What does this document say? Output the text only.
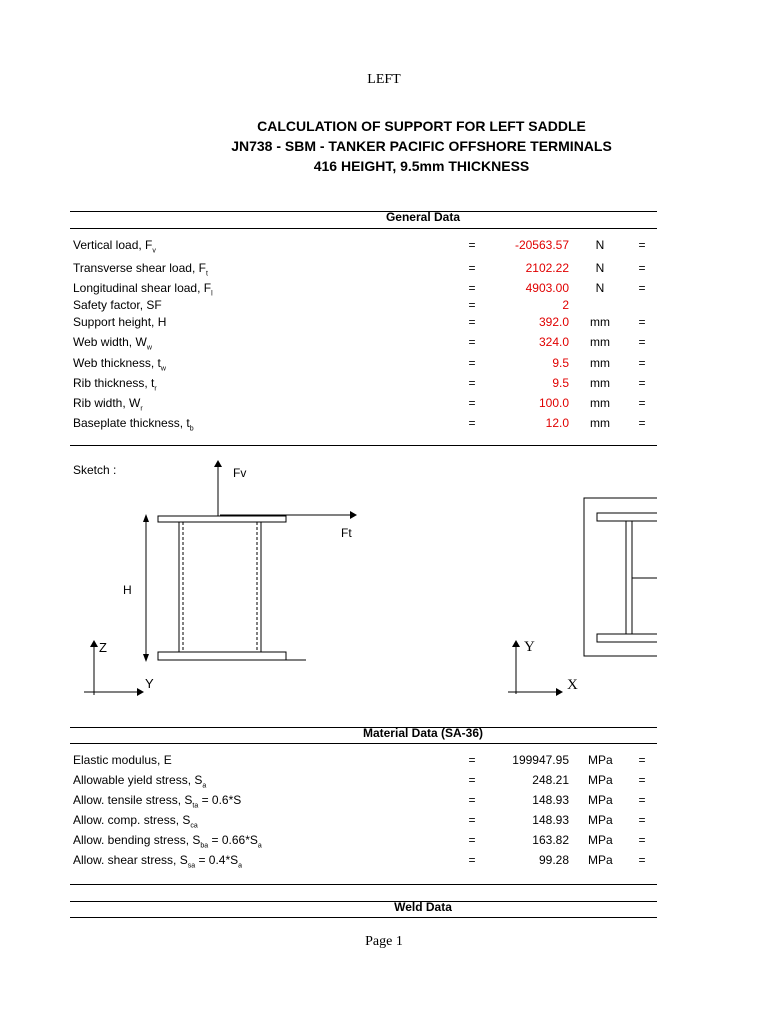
LEFT
CALCULATION OF SUPPORT FOR LEFT SADDLE
JN738 - SBM - TANKER PACIFIC OFFSHORE TERMINALS
416 HEIGHT, 9.5mm THICKNESS
General Data
Vertical load, $F_v$	=	-20563.57	N	=
Transverse shear load, $F_t$	=	2102.22	N	=
Longitudinal shear load, $F_l$	=	4903.00	N	=
Safety factor, SF	=	2
Support height, H	=	392.0 mm =
Web width, $W_w$	=	324.0 mm =
Web thickness, $t_w$	=	9.5 mm =
Rib thickness, $t_r$	=	9.5 mm =
Rib width, $W_r$	=	100.0 mm =
Baseplate thickness, $t_b$	=	12.0 mm =
Sketch :	Fv
Ft
H
Z
Y
Y
X
Material Data (SA-36)
Elastic modulus, E	=	199947.95 MPa =
Allowable yield stress, $S_a$	=	248.21 MPa =
Allow. tensile stress, $S_{ta} = 0.6*S$	=	148.93 MPa =
Allow. comp. stress, $S_{ca}$	=	148.93 MPa =
Allow. bending stress, $S_{ba} = 0.66*S_a$	=	163.82 MPa =
Allow. shear stress, $S_{sa} = 0.4*S_a$	=	99.28 MPa =
Weld Data
Page 1
